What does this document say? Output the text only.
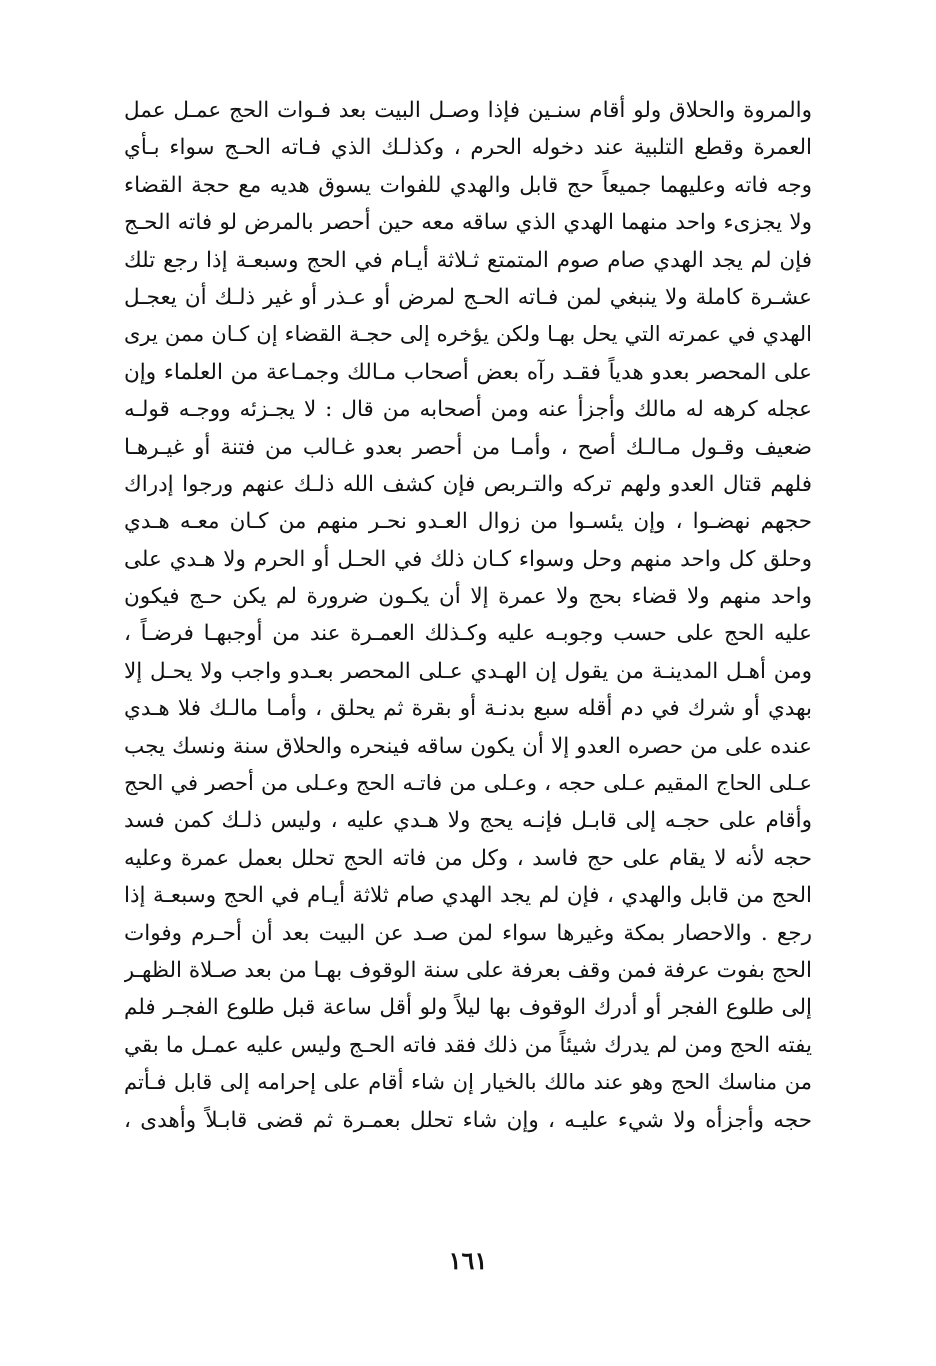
والمروة والحلاق ولو أقام سنـين فإذا وصـل البيت بعد فـوات الحج عمـل عمل
العمرة وقطع التلبية عند دخوله الحرم ، وكذلـك الذي فـاته الحـج سواء بـأي
وجه فاته وعليهما جميعاً حج قابل والهدي للفوات يسوق هديه مع حجة القضاء
ولا يجزىء واحد منهما الهدي الذي ساقه معه حين أحصر بالمرض لو فاته الحـج
فإن لم يجد الهدي صام صوم المتمتع ثـلاثة أيـام في الحج وسبعـة إذا رجع تلك
عشـرة كاملة ولا ينبغي لمن فـاته الحـج لمرض أو عـذر أو غير ذلـك أن يعجـل
الهدي في عمرته التي يحل بهـا ولكن يؤخره إلى حجـة القضاء إن كـان ممن يرى
على المحصر بعدو هدياً فقـد رآه بعض أصحاب مـالك وجمـاعة من العلماء وإن
عجله كرهه له مالك وأجزأ عنه ومن أصحابه من قال : لا يجـزئه ووجـه قولـه
ضعيف وقـول مـالـك أصح ، وأمـا من أحصر بعدو غـالب من فتنة أو غيـرهـا
فلهم قتال العدو ولهم تركه والتـربص فإن كشف الله ذلـك عنهم ورجوا إدراك
حجهم نهضـوا ، وإن يئسـوا من زوال العـدو نحـر منهم من كـان معـه هـدي
وحلق كل واحد منهم وحل وسواء كـان ذلك في الحـل أو الحرم ولا هـدي على
واحد منهم ولا قضاء بحج ولا عمرة إلا أن يكـون ضرورة لم يكن حـج فيكون
عليه الحج على حسب وجوبـه عليه وكـذلك العمـرة عند من أوجبهـا فرضـاً ،
ومن أهـل المدينـة من يقول إن الهـدي عـلى المحصر بعـدو واجب ولا يحـل إلا
بهدي أو شرك في دم أقله سبع بدنـة أو بقرة ثم يحلق ، وأمـا مالـك فلا هـدي
عنده على من حصره العدو إلا أن يكون ساقه فينحره والحلاق سنة ونسك يجب
عـلى الحاج المقيم عـلى حجه ، وعـلى من فاتـه الحج وعـلى من أحصر في الحج
وأقام على حجـه إلى قابـل فإنـه يحج ولا هـدي عليه ، وليس ذلـك كمن فسد
حجه لأنه لا يقام على حج فاسد ، وكل من فاته الحج تحلل بعمل عمرة وعليه
الحج من قابل والهدي ، فإن لم يجد الهدي صام ثلاثة أيـام في الحج وسبعـة إذا
رجع . والاحصار بمكة وغيرها سواء لمن صـد عن البيت بعد أن أحـرم وفوات
الحج بفوت عرفة فمن وقف بعرفة على سنة الوقوف بهـا من بعد صـلاة الظهـر
إلى طلوع الفجر أو أدرك الوقوف بها ليلاً ولو أقل ساعة قبل طلوع الفجـر فلم
يفته الحج ومن لم يدرك شيئاً من ذلك فقد فاته الحـج وليس عليه عمـل ما بقي
من مناسك الحج وهو عند مالك بالخيار إن شاء أقام على إحرامه إلى قابل فـأتم
حجه وأجزأه ولا شيء عليـه ، وإن شاء تحلل بعمـرة ثم قضى قابـلاً وأهدى ،
١٦١
